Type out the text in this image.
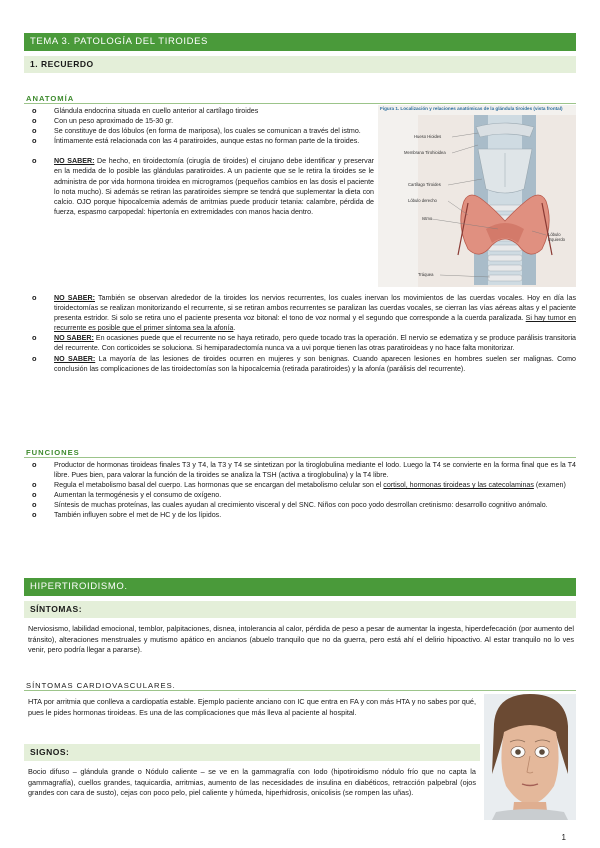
TEMA 3. PATOLOGÍA DEL TIROIDES
1. RECUERDO
ANATOMÍA
o Glándula endocrina situada en cuello anterior al cartílago tiroides
o Con un peso aproximado de 15-30 gr.
o Se constituye de dos lóbulos (en forma de mariposa), los cuales se comunican a través del istmo.
o Íntimamente está relacionada con las 4 paratiroides, aunque estas no forman parte de la tiroides.
o NO SABER: De hecho, en tiroidectomía (cirugía de tiroides) el cirujano debe identificar y preservar en la medida de lo posible las glándulas paratiroides. A un paciente que se le retira la tiroides se le administra de por vida hormona tiroidea en microgramos (pequeños cambios en las dosis el paciente lo nota mucho). Si además se retiran las paratiroides siempre se tendrá que suplementar la dieta con calcio. OJO porque hipocalcemia además de arritmias puede producir tetania: calambre, pérdida de fuerza, espasmo carpopedal: hipertonía en extremidades con manos hacia dentro.
Figura 1. Localización y relaciones anatómicas de la glándula tiroides (vista frontal)
Hueso Hioides
Membrana Tirohioidea
Cartílago Tiroides
Lóbulo derecho
Istmo
Lóbulo izquierdo
Tráquea
o NO SABER: También se observan alrededor de la tiroides los nervios recurrentes, los cuales inervan los movimientos de las cuerdas vocales. Hoy en día las tiroidectomías se realizan monitorizando el recurrente, si se retiran ambos recurrentes se paralizan las cuerdas vocales, se cierran las vías aéreas altas y el paciente presenta estridor. Si solo se retira uno el paciente presenta voz bitonal: el tono de voz normal y el segundo que corresponde a la cuerda paralizada. Si hay tumor en recurrente es posible que el primer síntoma sea la afonía.
o NO SABER: En ocasiones puede que el recurrente no se haya retirado, pero quede tocado tras la operación. El nervio se edematiza y se produce parálisis transitoria del recurrente. Con corticoides se soluciona. Si hemiparadectomía nunca va a uvi porque tienen las otras paratiroideas y no hace falta monitorizar.
o NO SABER: La mayoría de las lesiones de tiroides ocurren en mujeres y son benignas. Cuando aparecen lesiones en hombres suelen ser malignas. Como conclusión las complicaciones de las tiroidectomías son la hipocalcemia (retirada paratiroides) y la afonía (parálisis del recurrente).
FUNCIONES
o Productor de hormonas tiroideas finales T3 y T4, la T3 y T4 se sintetizan por la tiroglobulina mediante el Iodo. Luego la T4 se convierte en la forma final que es la T4 libre. Pues bien, para valorar la función de la tiroides se analiza la TSH (activa a tiroglobulina) y la T4 libre.
o Regula el metabolismo basal del cuerpo. Las hormonas que se encargan del metabolismo celular son el cortisol, hormonas tiroideas y las catecolaminas (examen)
o Aumentan la termogénesis y el consumo de oxígeno.
o Síntesis de muchas proteínas, las cuales ayudan al crecimiento visceral y del SNC. Niños con poco yodo desrrollan cretinismo: desarrollo cognitivo anómalo.
o También influyen sobre el met de HC y de los lípidos.
HIPERTIROIDISMO.
SÍNTOMAS:
Nerviosismo, labilidad emocional, temblor, palpitaciones, disnea, intolerancia al calor, pérdida de peso a pesar de aumentar la ingesta, hiperdefecación (por aumento del tránsito), alteraciones menstruales y mutismo apático en ancianos (abuelo tranquilo que no da guerra, pero está ahí el delirio hipoactivo. Al estar tranquilo no lo ves venir, pero podría llegar a pararse).
SÍNTOMAS CARDIOVASCULARES.
HTA por arritmia que conlleva a cardiopatía estable. Ejemplo paciente anciano con IC que entra en FA y con más HTA y no sabes por qué, pues le pides hormonas tiroideas. Es una de las complicaciones que más lleva al paciente al hospital.
SIGNOS:
Bocio difuso – glándula grande o Nódulo caliente – se ve en la gammagrafía con Iodo (hipotiroidismo nódulo frío que no capta la gammagrafía), cuellos grandes, taquicardia, arritmias, aumento de las necesidades de insulina en diabéticos, retracción palpebral (ojos grandes con cara de susto), cejas con poco pelo, piel caliente y húmeda, hiperhidrosis, onicolisis (se rompen las uñas).
1
